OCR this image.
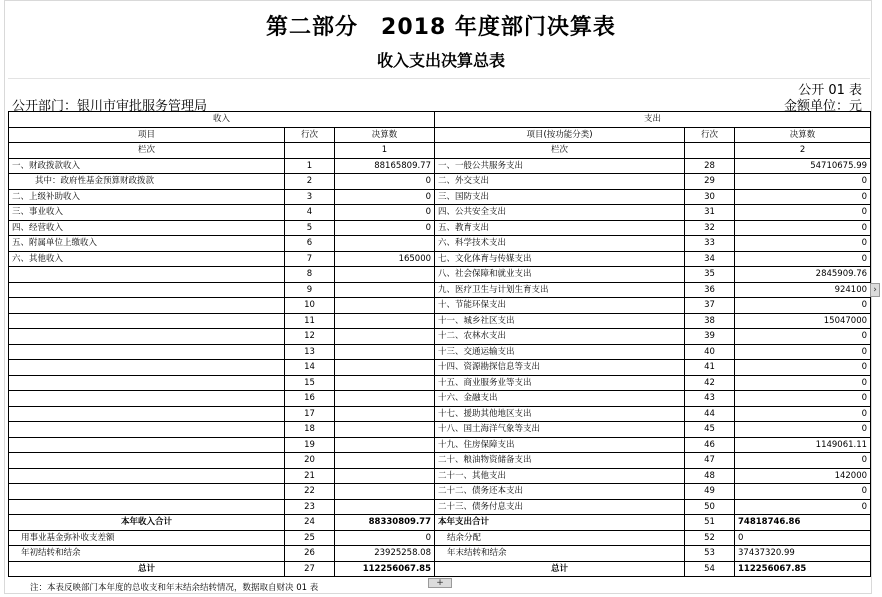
第二部分　2018 年度部门决算表
收入支出决算总表
公开 01 表
公开部门：银川市审批服务管理局	金额单位：元
收入			支出		
项目	行次	决算数	项目(按功能分类)	行次	决算数
栏次		1	栏次		2
一、财政拨款收入	1	88165809.77	一、一般公共服务支出	28	54710675.99
其中：政府性基金预算财政拨款	2	0	二、外交支出	29	0
二、上级补助收入	3	0	三、国防支出	30	0
三、事业收入	4	0	四、公共安全支出	31	0
四、经营收入	5	0	五、教育支出	32	0
五、附属单位上缴收入	6		六、科学技术支出	33	0
六、其他收入	7	165000	七、文化体育与传媒支出	34	0
	8		八、社会保障和就业支出	35	2845909.76
	9		九、医疗卫生与计划生育支出	36	924100
	10		十、节能环保支出	37	0
	11		十一、城乡社区支出	38	15047000
	12		十二、农林水支出	39	0
	13		十三、交通运输支出	40	0
	14		十四、资源勘探信息等支出	41	0
	15		十五、商业服务业等支出	42	0
	16		十六、金融支出	43	0
	17		十七、援助其他地区支出	44	0
	18		十八、国土海洋气象等支出	45	0
	19		十九、住房保障支出	46	1149061.11
	20		二十、粮油物资储备支出	47	0
	21		二十一、其他支出	48	142000
	22		二十二、债务还本支出	49	0
	23		二十三、债务付息支出	50	0
本年收入合计	24	88330809.77	本年支出合计	51	74818746.86
用事业基金弥补收支差额	25	0	结余分配	52	0
年初结转和结余	26	23925258.08	年末结转和结余	53	37437320.99
总计	27	112256067.85	总计	54	112256067.85
注：本表反映部门本年度的总收支和年末结余结转情况，数据取自财决 01 表
›
+
